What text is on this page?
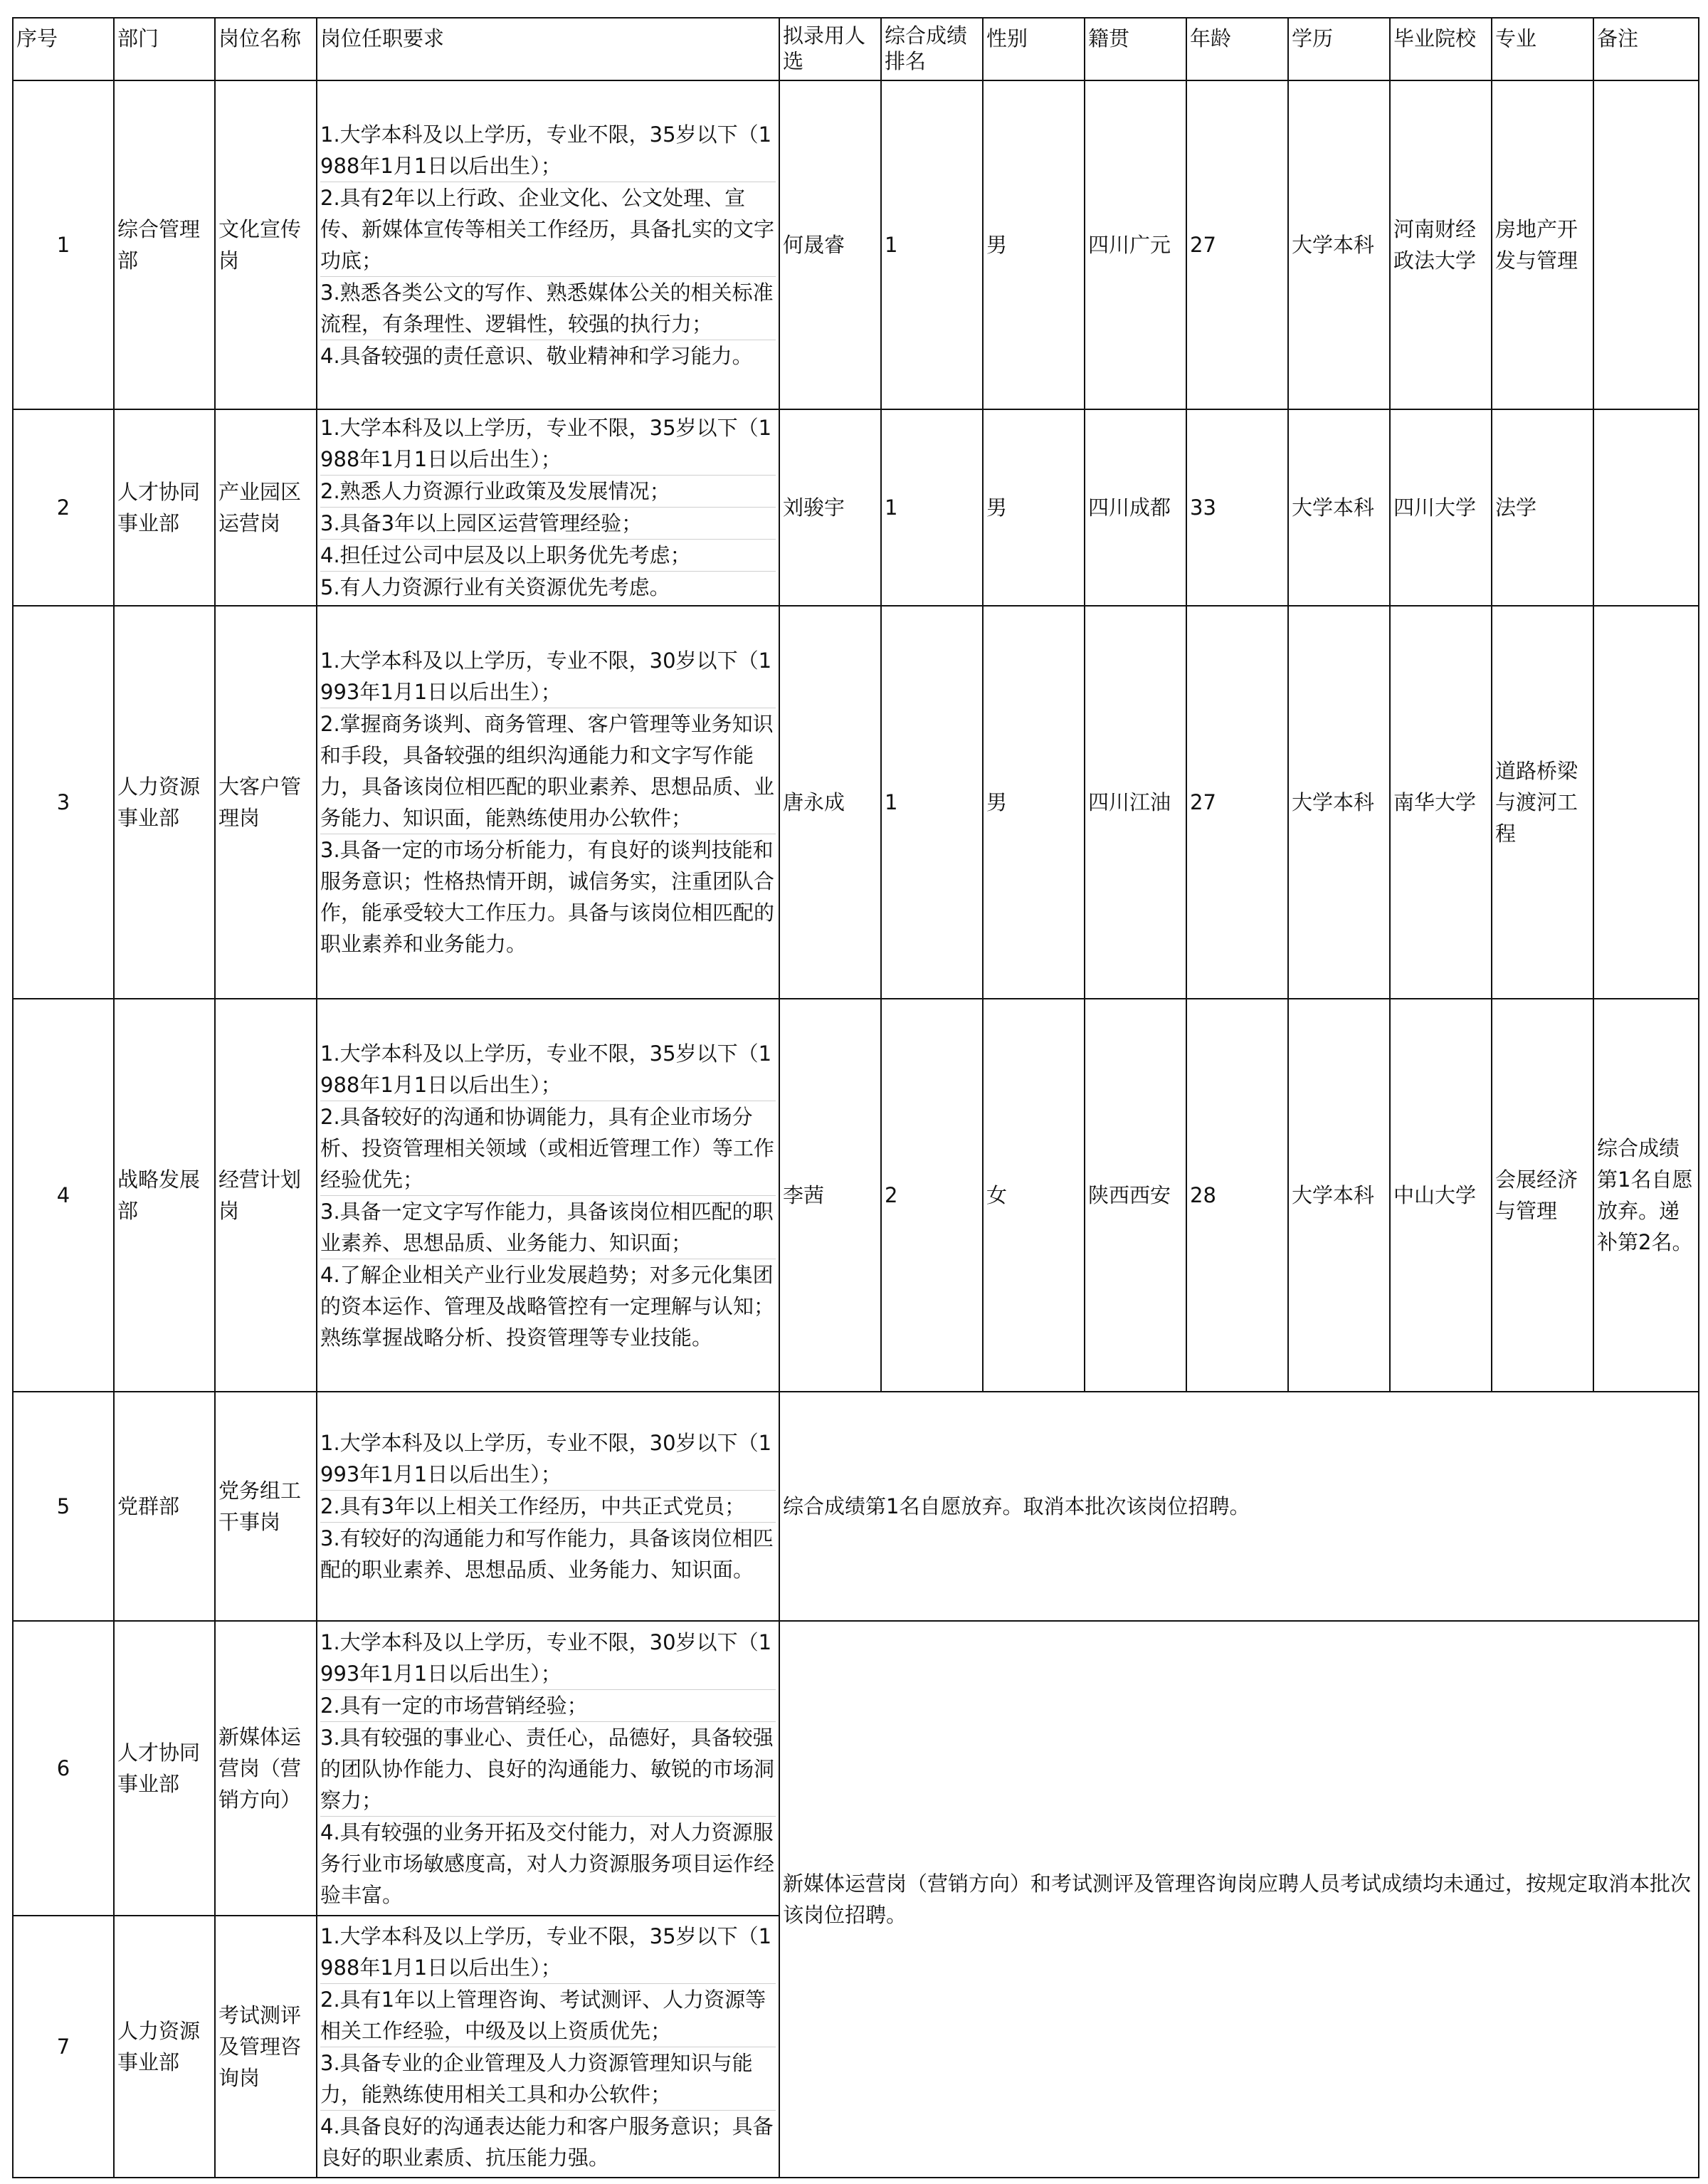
序号	部门	岗位名称	岗位任职要求	拟录用人选	综合成绩排名	性别	籍贯	年龄	学历	毕业院校	专业	备注
1	综合管理部	文化宣传岗	1.大学本科及以上学历，专业不限，35岁以下（1988年1月1日以后出生）；
2.具有2年以上行政、企业文化、公文处理、宣传、新媒体宣传等相关工作经历，具备扎实的文字功底；
3.熟悉各类公文的写作、熟悉媒体公关的相关标准流程，有条理性、逻辑性，较强的执行力；
4.具备较强的责任意识、敬业精神和学习能力。	何晟睿	1	男	四川广元	27	大学本科	河南财经政法大学	房地产开发与管理	
2	人才协同事业部	产业园区运营岗	1.大学本科及以上学历，专业不限，35岁以下（1988年1月1日以后出生）；
2.熟悉人力资源行业政策及发展情况；
3.具备3年以上园区运营管理经验；
4.担任过公司中层及以上职务优先考虑；
5.有人力资源行业有关资源优先考虑。	刘骏宇	1	男	四川成都	33	大学本科	四川大学	法学	
3	人力资源事业部	大客户管理岗	1.大学本科及以上学历，专业不限，30岁以下（1993年1月1日以后出生）；
2.掌握商务谈判、商务管理、客户管理等业务知识和手段，具备较强的组织沟通能力和文字写作能力，具备该岗位相匹配的职业素养、思想品质、业务能力、知识面，能熟练使用办公软件；
3.具备一定的市场分析能力，有良好的谈判技能和服务意识；性格热情开朗，诚信务实，注重团队合作，能承受较大工作压力。具备与该岗位相匹配的职业素养和业务能力。	唐永成	1	男	四川江油	27	大学本科	南华大学	道路桥梁与渡河工程	
4	战略发展部	经营计划岗	1.大学本科及以上学历，专业不限，35岁以下（1988年1月1日以后出生）；
2.具备较好的沟通和协调能力，具有企业市场分析、投资管理相关领域（或相近管理工作）等工作经验优先；
3.具备一定文字写作能力，具备该岗位相匹配的职业素养、思想品质、业务能力、知识面；
4.了解企业相关产业行业发展趋势；对多元化集团的资本运作、管理及战略管控有一定理解与认知；熟练掌握战略分析、投资管理等专业技能。	李茜	2	女	陕西西安	28	大学本科	中山大学	会展经济与管理	综合成绩第1名自愿放弃。递补第2名。
5	党群部	党务组工干事岗	1.大学本科及以上学历，专业不限，30岁以下（1993年1月1日以后出生）；
2.具有3年以上相关工作经历，中共正式党员；
3.有较好的沟通能力和写作能力，具备该岗位相匹配的职业素养、思想品质、业务能力、知识面。	综合成绩第1名自愿放弃。取消本批次该岗位招聘。								
6	人才协同事业部	新媒体运营岗（营销方向）	1.大学本科及以上学历，专业不限，30岁以下（1993年1月1日以后出生）；
2.具有一定的市场营销经验；
3.具有较强的事业心、责任心，品德好，具备较强的团队协作能力、良好的沟通能力、敏锐的市场洞察力；
4.具有较强的业务开拓及交付能力，对人力资源服务行业市场敏感度高，对人力资源服务项目运作经验丰富。	新媒体运营岗（营销方向）和考试测评及管理咨询岗应聘人员考试成绩均未通过，按规定取消本批次该岗位招聘。								
7	人力资源事业部	考试测评及管理咨询岗	1.大学本科及以上学历，专业不限，35岁以下（1988年1月1日以后出生）；
2.具有1年以上管理咨询、考试测评、人力资源等相关工作经验，中级及以上资质优先；
3.具备专业的企业管理及人力资源管理知识与能力，能熟练使用相关工具和办公软件；
4.具备良好的沟通表达能力和客户服务意识；具备良好的职业素质、抗压能力强。									
